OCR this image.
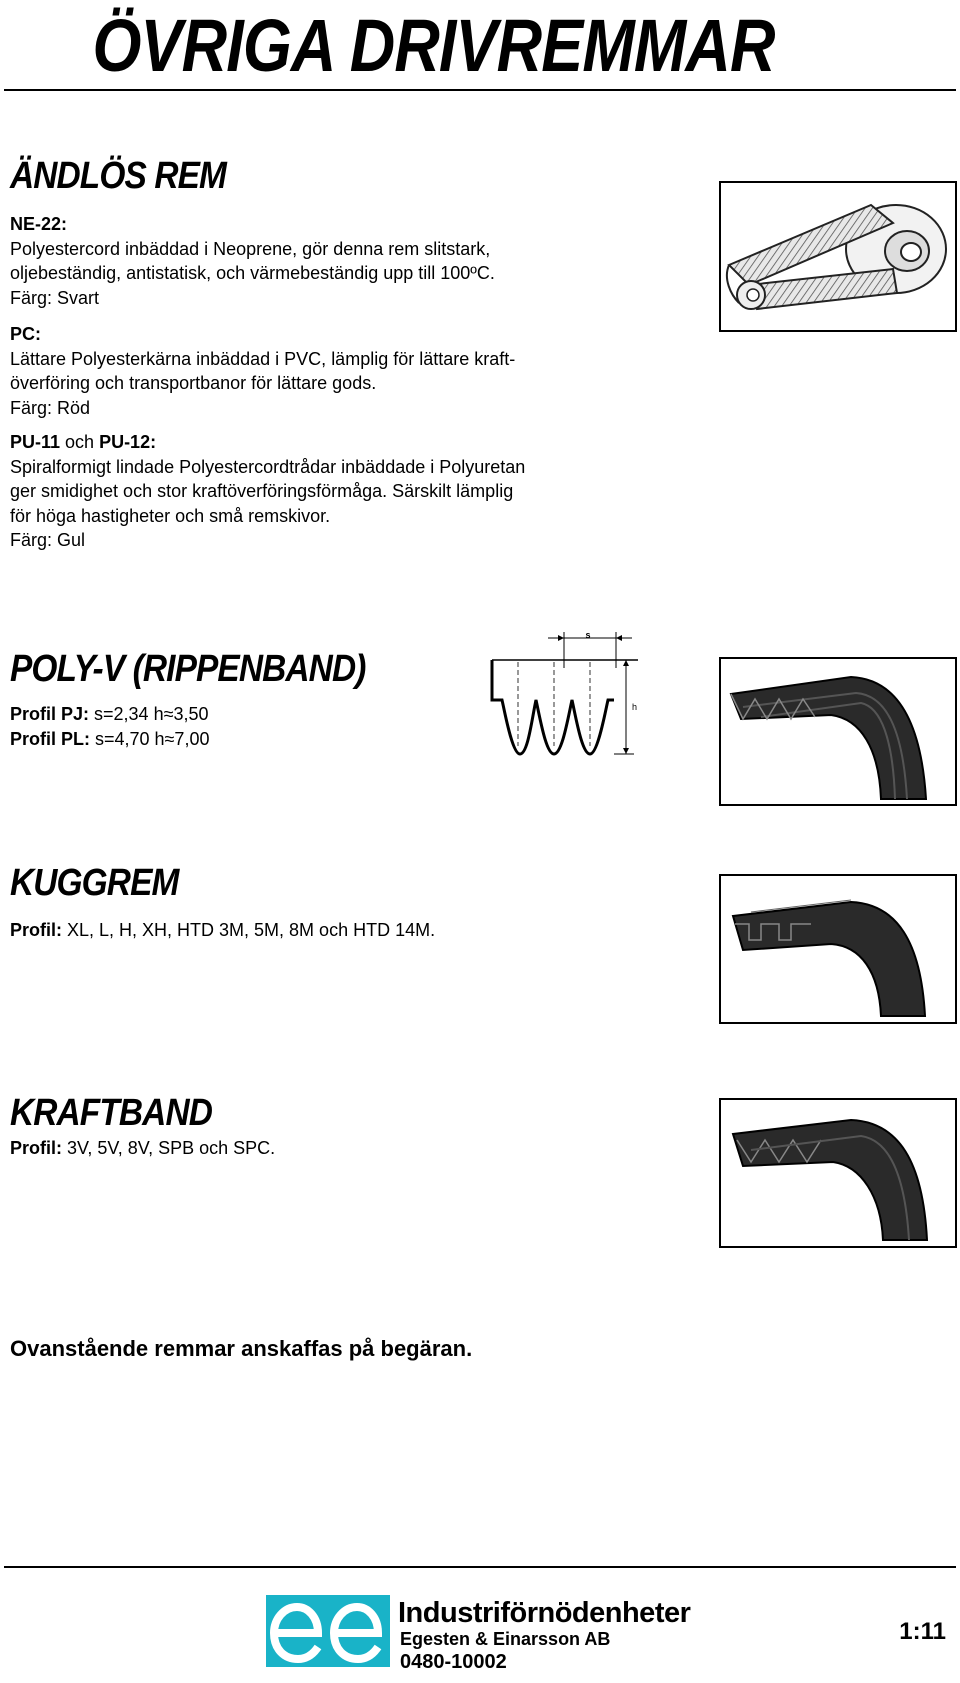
ÖVRIGA DRIVREMMAR
ÄNDLÖS REM
NE-22:
Polyestercord inbäddad i Neoprene, gör denna rem slitstark,
oljebeständig, antistatisk, och värmebeständig upp till 100ºC.
Färg: Svart
PC:
Lättare Polyesterkärna inbäddad i PVC, lämplig för lättare kraft-
överföring och transportbanor för lättare gods.
Färg: Röd
PU-11 och PU-12:
Spiralformigt lindade Polyestercordtrådar inbäddade i Polyuretan
ger smidighet och stor kraftöverföringsförmåga. Särskilt lämplig
för höga hastigheter och små remskivor.
Färg: Gul
POLY-V (RIPPENBAND)
Profil PJ: s=2,34 h≈3,50
Profil PL: s=4,70 h≈7,00
s
h
KUGGREM
Profil: XL, L, H, XH, HTD 3M, 5M, 8M och HTD 14M.
KRAFTBAND
Profil: 3V, 5V, 8V, SPB och SPC.
Ovanstående remmar anskaffas på begäran.
Industriförnödenheter
Egesten & Einarsson AB
0480-10002
1:11
